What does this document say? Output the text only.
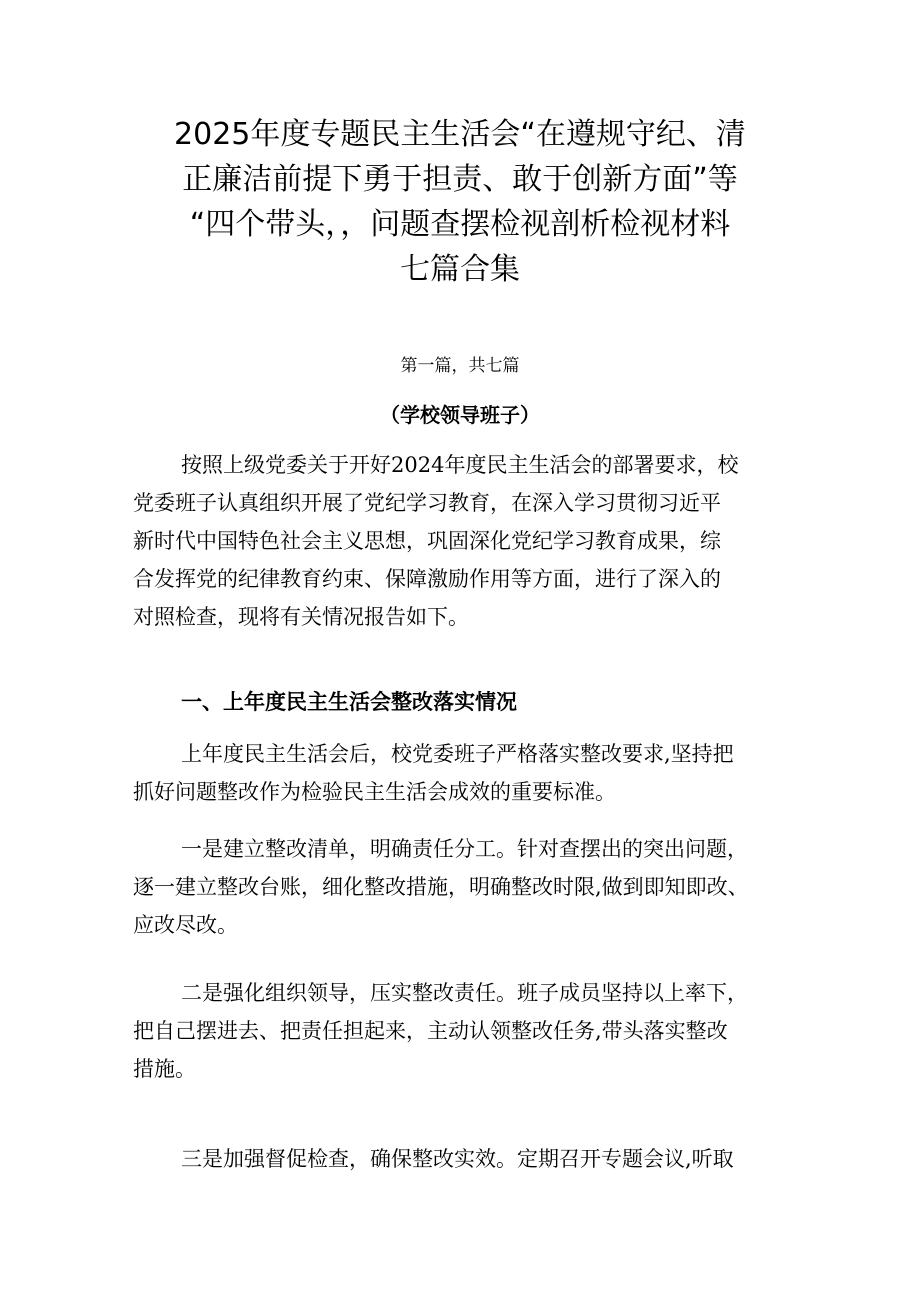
2025年度专题民主生活会“在遵规守纪、清
正廉洁前提下勇于担责、敢于创新方面”等
“四个带头，，问题查摆检视剖析检视材料
七篇合集
第一篇，共七篇
（学校领导班子）
按照上级党委关于开好2024年度民主生活会的部署要求，校
党委班子认真组织开展了党纪学习教育，在深入学习贯彻习近平
新时代中国特色社会主义思想，巩固深化党纪学习教育成果，综
合发挥党的纪律教育约束、保障激励作用等方面，进行了深入的
对照检查，现将有关情况报告如下。
一、上年度民主生活会整改落实情况
上年度民主生活会后，校党委班子严格落实整改要求,坚持把
抓好问题整改作为检验民主生活会成效的重要标准。
一是建立整改清单，明确责任分工。针对查摆出的突出问题，
逐一建立整改台账，细化整改措施，明确整改时限,做到即知即改、
应改尽改。
二是强化组织领导，压实整改责任。班子成员坚持以上率下，
把自己摆进去、把责任担起来，主动认领整改任务,带头落实整改
措施。
三是加强督促检查，确保整改实效。定期召开专题会议,听取
